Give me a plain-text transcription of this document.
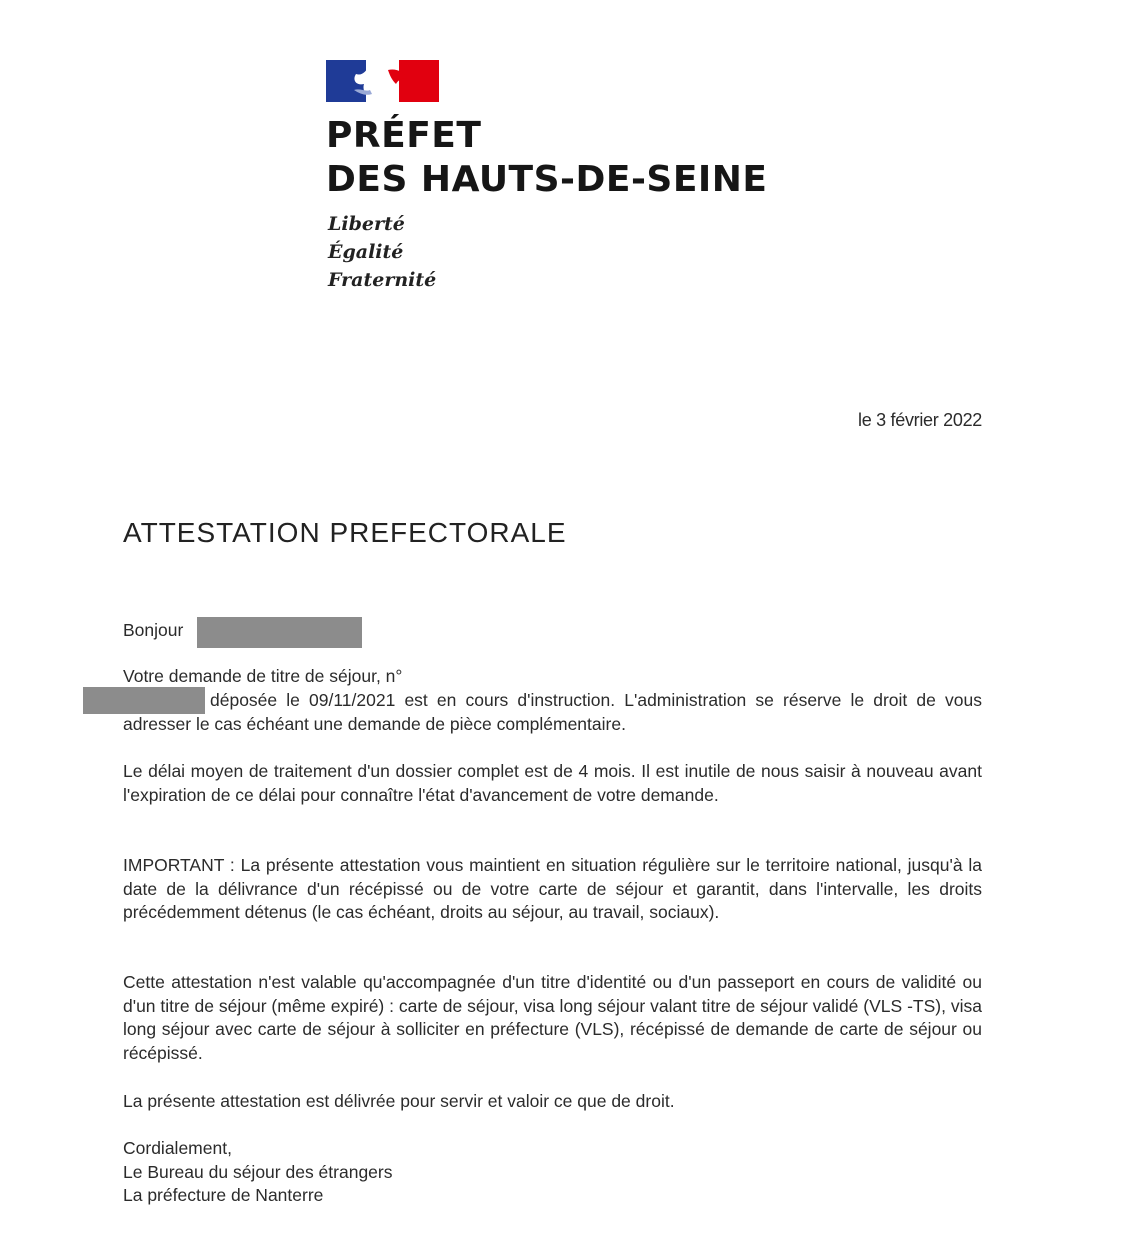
PRÉFET
DES HAUTS-DE-SEINE
Liberté
Égalité
Fraternité
le 3 février 2022
ATTESTATION PREFECTORALE

Bonjour

Votre demande de titre de séjour, n°

déposée le 09/11/2021 est en cours d'instruction. L'administration se réserve le droit de vous adresser le cas échéant une demande de pièce complémentaire.

Le délai moyen de traitement d'un dossier complet est de 4 mois. Il est inutile de nous saisir à nouveau avant l'expiration de ce délai pour connaître l'état d'avancement de votre demande.

IMPORTANT : La présente attestation vous maintient en situation régulière sur le territoire national, jusqu'à la date de la délivrance d'un récépissé ou de votre carte de séjour et garantit, dans l'intervalle, les droits précédemment détenus (le cas échéant, droits au séjour, au travail, sociaux).

Cette attestation n'est valable qu'accompagnée d'un titre d'identité ou d'un passeport en cours de validité ou d'un titre de séjour (même expiré) : carte de séjour, visa long séjour valant titre de séjour validé (VLS -TS), visa long séjour avec carte de séjour à solliciter en préfecture (VLS), récépissé de demande de carte de séjour ou récépissé.

La présente attestation est délivrée pour servir et valoir ce que de droit.

Cordialement,
Le Bureau du séjour des étrangers
La préfecture de Nanterre
